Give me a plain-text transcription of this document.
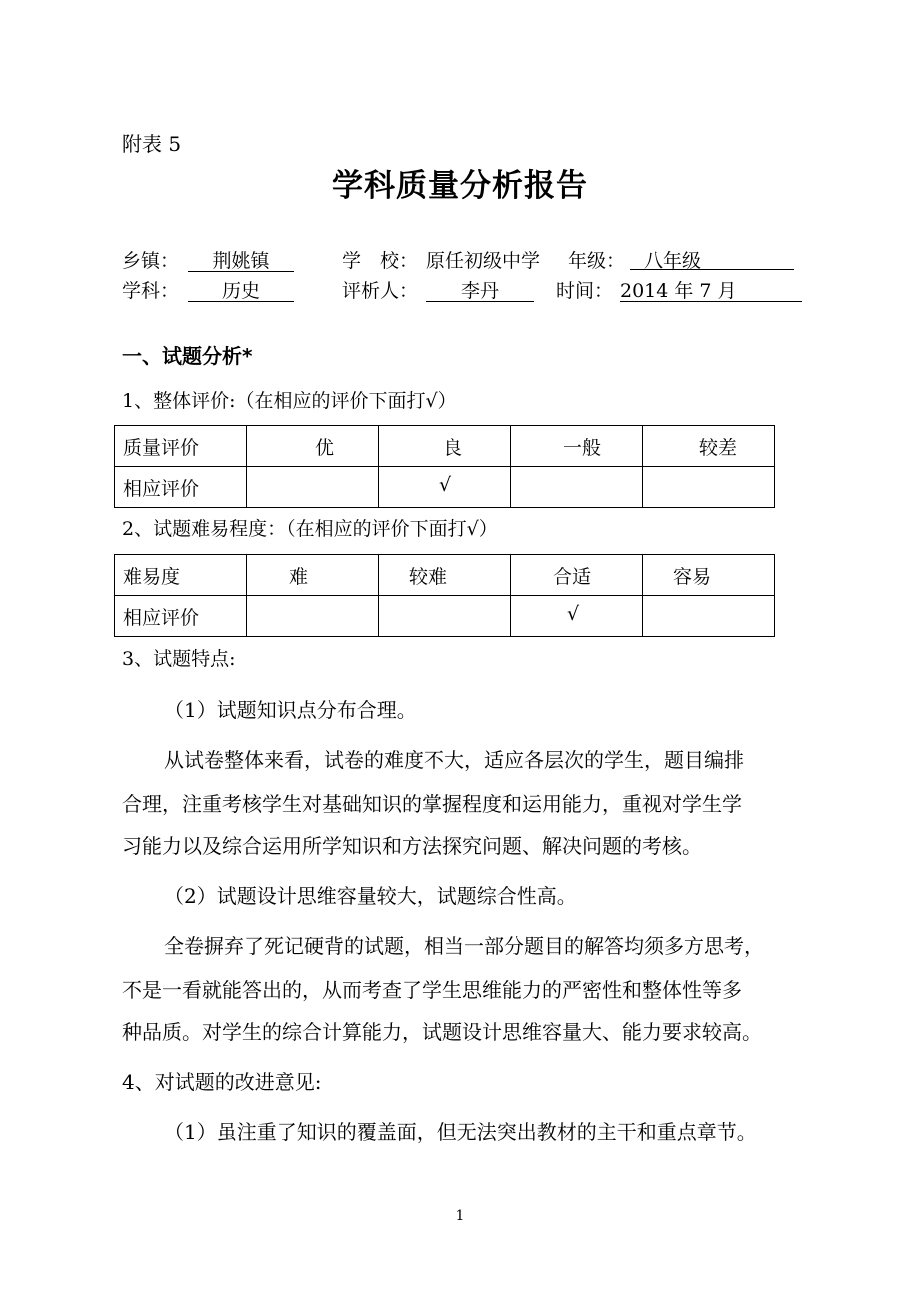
附表 5
学科质量分析报告
乡镇：	荆姚镇	学　校： 原任初级中学 年级： 八年级
学科：	历史	评析人：	李丹	时间： 2014 年 7 月
一、试题分析*
1、整体评价:（在相应的评价下面打√）
质量评价	优	良	一般	较差

相应评价		√		

2、试题难易程度：（在相应的评价下面打√）
难易度	难	较难	合适	容易

相应评价			√	

3、试题特点:
（1）试题知识点分布合理。
从试卷整体来看，试卷的难度不大，适应各层次的学生，题目编排
合理，注重考核学生对基础知识的掌握程度和运用能力，重视对学生学
习能力以及综合运用所学知识和方法探究问题、解决问题的考核。
（2）试题设计思维容量较大，试题综合性高。
全卷摒弃了死记硬背的试题，相当一部分题目的解答均须多方思考，
不是一看就能答出的，从而考查了学生思维能力的严密性和整体性等多
种品质。对学生的综合计算能力，试题设计思维容量大、能力要求较高。
4、对试题的改进意见:
（1）虽注重了知识的覆盖面，但无法突出教材的主干和重点章节。
1
